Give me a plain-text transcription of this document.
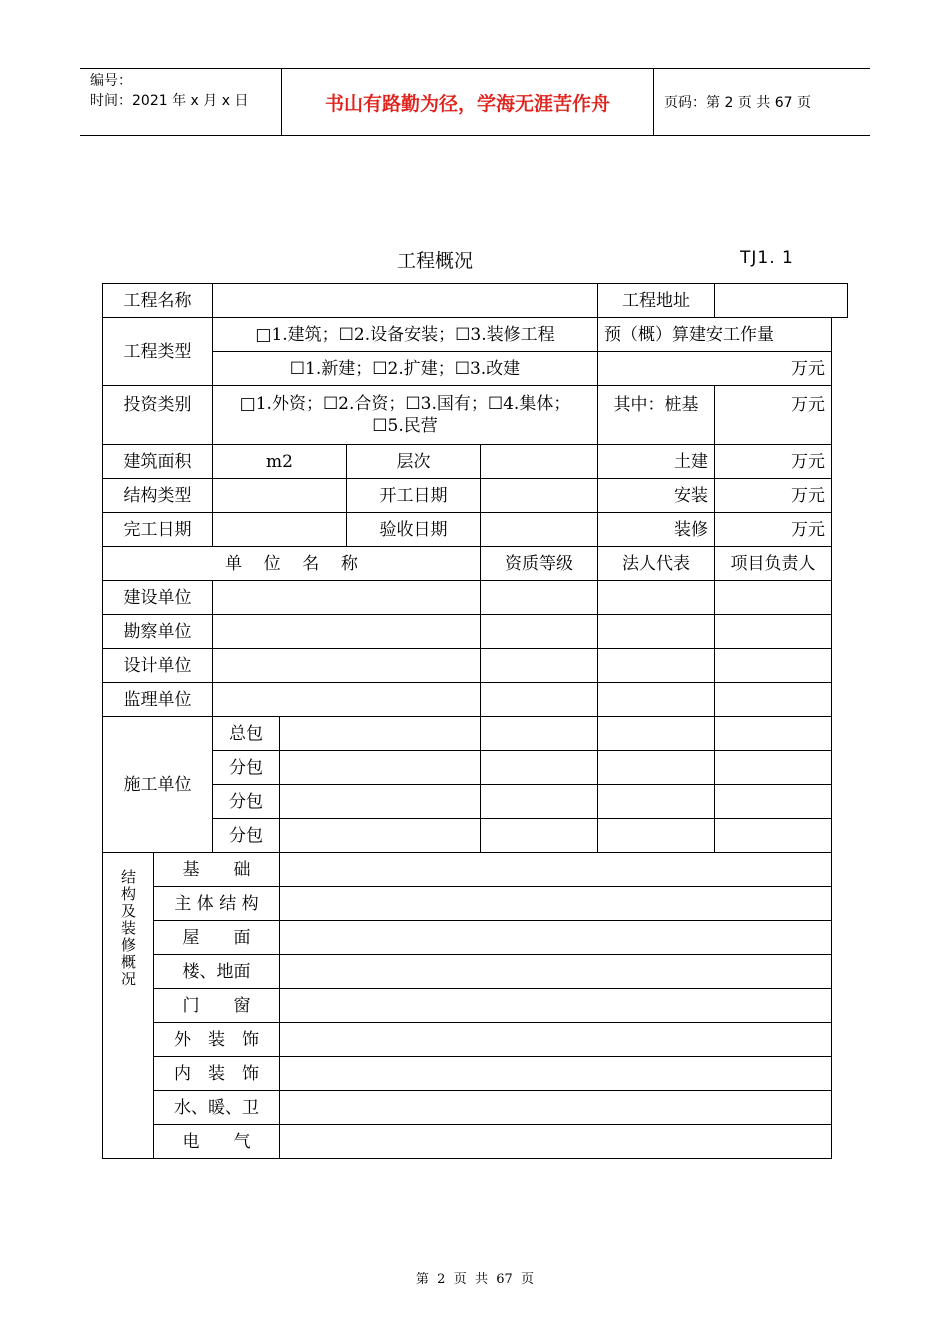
编号：
时间：2021 年 x 月 x 日	书山有路勤为径，学海无涯苦作舟	页码：第 2 页 共 67 页
工程概况	TJ1. 1
工程名称						工程地址	
工程类型		□1.建筑；☐2.设备安装；☐3.装修工程				预（概）算建安工作量	
		☐1.新建；☐2.扩建；☐3.改建				万元	
投资类别		□1.外资；☐2.合资；☐3.国有；☐4.集体；☐5.民营				其中：桩基	万元
建筑面积		m2		层次		土建	万元
结构类型				开工日期		安装	万元
完工日期				验收日期		装修	万元
单    位    名    称					资质等级	法人代表	项目负责人
建设单位							
勘察单位							
设计单位							
监理单位							
施工单位		总包					
		分包					
		分包					
		分包					

结构及装修概况	基　　础						
	主 体 结 构						
	屋　　面						
	楼、地面						
	门　　窗						
	外　装　饰						
	内　装　饰						
	水、暖、卫						
	电　　气						
第  2  页  共  67  页
